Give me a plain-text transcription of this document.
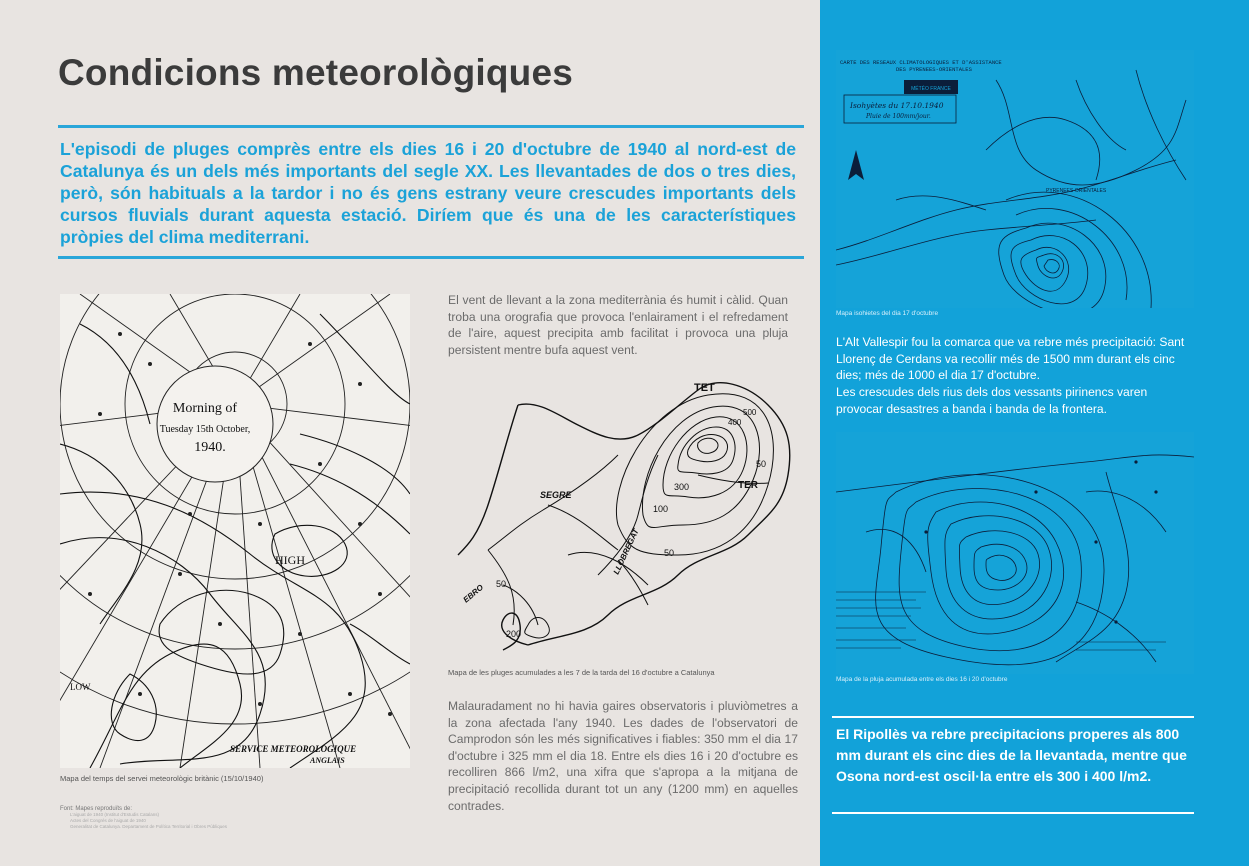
Condicions meteorològiques
L'episodi de pluges comprès entre els dies 16 i 20 d'octubre de 1940 al nord-est de Catalunya és un dels més importants del segle XX. Les llevantades de dos o tres dies, però, són habituals a la tardor i no és gens estrany veure crescudes importants dels cursos fluvials durant aquesta estació. Diríem que és una de les característiques pròpies del clima mediterrani.
Morning of
Tuesday 15th October,
1940.
HIGH
LOW
SERVICE METEOROLOGIQUE
ANGLAIS
Mapa del temps del servei meteorològic britànic (15/10/1940)
Font: Mapes reproduïts de:
L'aiguat de 1940 (Institut d'Estudis Catalans)
Actes del Congrés de l'aiguat de 1940
Generalitat de Catalunya. Departament de Política Territorial i Obres Públiques
El vent de llevant a la zona mediterrània és humit i càlid. Quan troba una orografia que provoca l'enlairament i el refredament de l'aire, aquest precipita amb facilitat i provoca una pluja persistent mentre bufa aquest vent.
TET
TER
SEGRE
LLOBREGAT
EBRO
50
50
50
100
300
200
500
400
Mapa de les pluges acumulades a les 7 de la tarda del 16 d'octubre a Catalunya
Malauradament no hi havia gaires observatoris i pluviòmetres a la zona afectada l'any 1940. Les dades de l'observatori de Camprodon són les més significatives i fiables: 350 mm el dia 17 d'octubre i 325 mm el dia 18. Entre els dies 16 i 20 d'octubre es recolliren 866 l/m2, una xifra que s'apropa a la mitjana de precipitació recollida durant tot un any (1200 mm) en aquelles contrades.
CARTE DES RESEAUX CLIMATOLOGIQUES ET D'ASSISTANCE
DES PYRENEES-ORIENTALES
MÉTÉO FRANCE
Isohyètes du 17.10.1940
Pluie de 100mm/jour.
PYRENEES-ORIENTALES
Mapa isohietes del dia 17 d'octubre
L'Alt Vallespir fou la comarca que va rebre més precipitació: Sant Llorenç de Cerdans va recollir més de 1500 mm durant els cinc dies; més de 1000 el dia 17 d'octubre.
Les crescudes dels rius dels dos vessants pirinencs varen provocar desastres a banda i banda de la frontera.
Mapa de la pluja acumulada entre els dies 16 i 20 d'octubre
El Ripollès va rebre precipitacions properes als 800 mm durant els cinc dies de la llevantada, mentre que Osona nord-est oscil·la entre els 300 i 400 l/m2.
